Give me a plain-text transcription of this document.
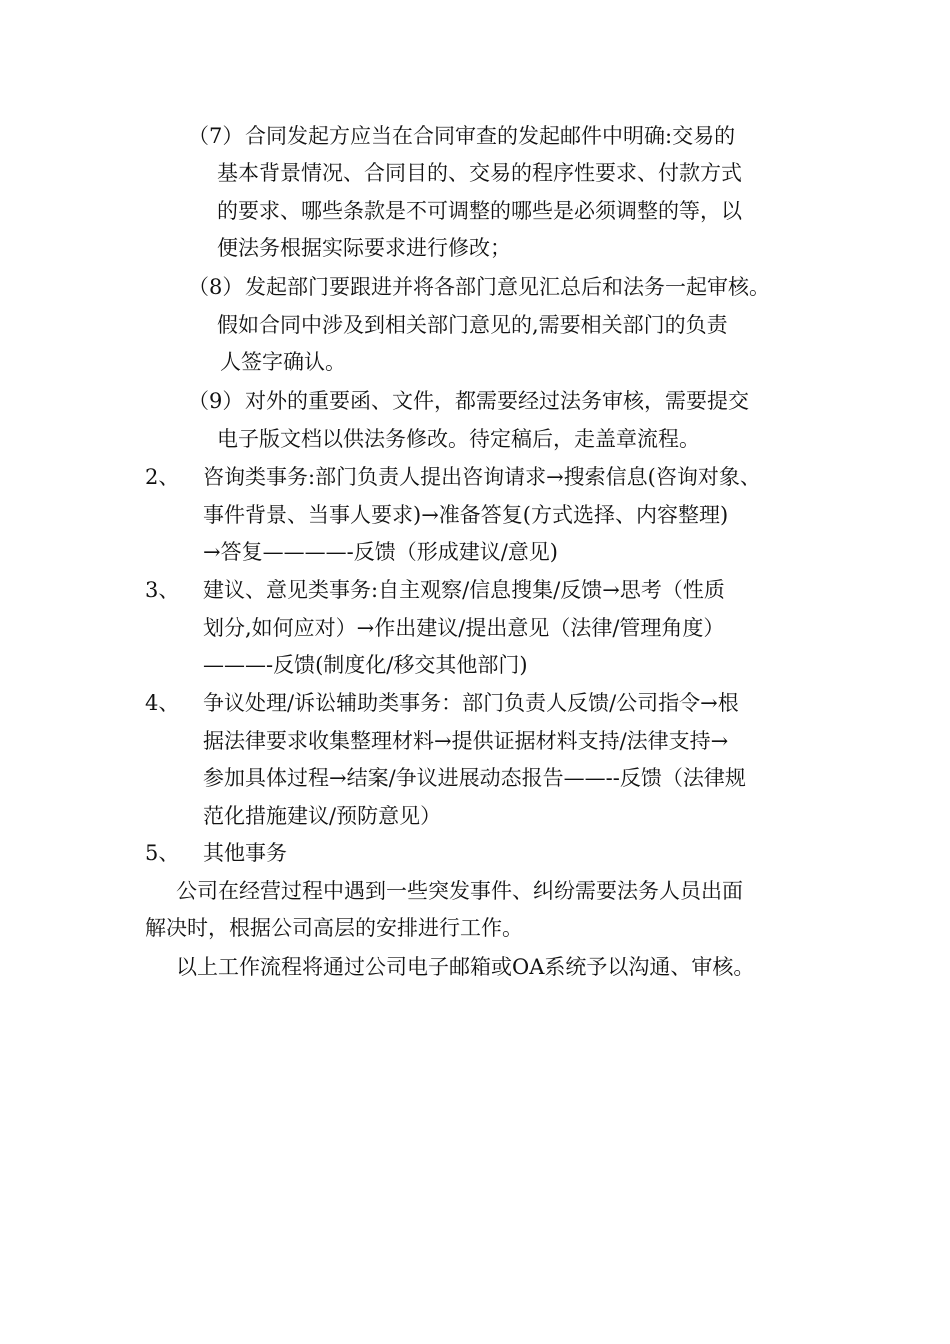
（7） 合同发起方应当在合同审查的发起邮件中明确:交易的
基本背景情况、合同目的、交易的程序性要求、付款方式
的要求、哪些条款是不可调整的哪些是必须调整的等，以
便法务根据实际要求进行修改；
（8） 发起部门要跟进并将各部门意见汇总后和法务一起审核。
假如合同中涉及到相关部门意见的,需要相关部门的负责
人签字确认。
（9） 对外的重要函、文件，都需要经过法务审核，需要提交
电子版文档以供法务修改。待定稿后，走盖章流程。
2、 咨询类事务:部门负责人提出咨询请求→搜索信息(咨询对象、
事件背景、当事人要求)→准备答复(方式选择、内容整理)
→答复————-反馈（形成建议/意见)
3、 建议、意见类事务:自主观察/信息搜集/反馈→思考（性质
划分,如何应对）→作出建议/提出意见（法律/管理角度）
———-反馈(制度化/移交其他部门)
4、 争议处理/诉讼辅助类事务：部门负责人反馈/公司指令→根
据法律要求收集整理材料→提供证据材料支持/法律支持→
参加具体过程→结案/争议进展动态报告——--反馈（法律规
范化措施建议/预防意见）
5、 其他事务
公司在经营过程中遇到一些突发事件、纠纷需要法务人员出面
解决时，根据公司高层的安排进行工作。
以上工作流程将通过公司电子邮箱或OA系统予以沟通、审核。
